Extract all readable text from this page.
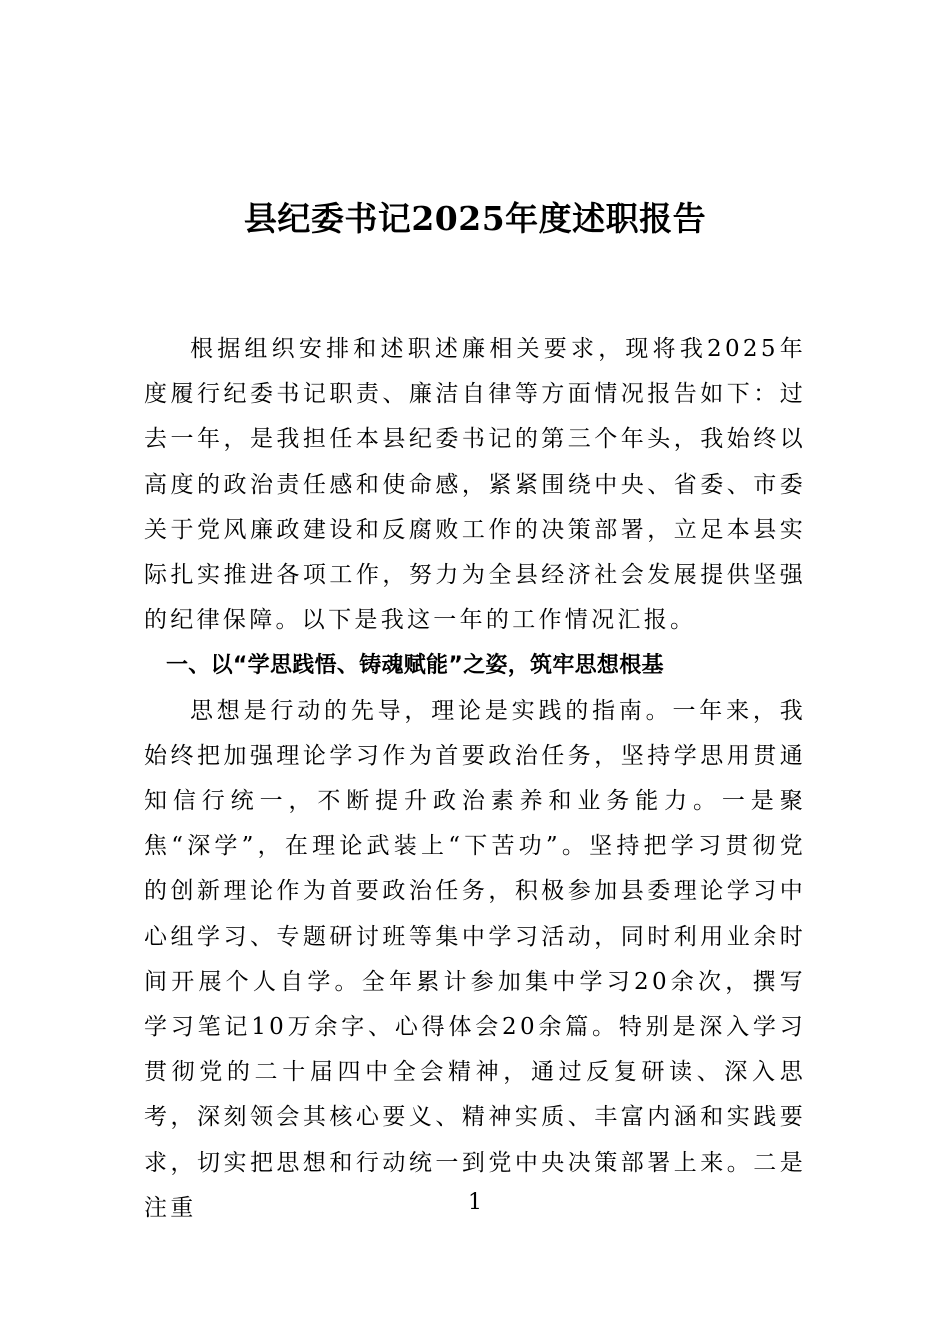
县纪委书记2025年度述职报告

根据组织安排和述职述廉相关要求，现将我2025年度履行纪委书记职责、廉洁自律等方面情况报告如下：过去一年，是我担任本县纪委书记的第三个年头，我始终以高度的政治责任感和使命感，紧紧围绕中央、省委、市委关于党风廉政建设和反腐败工作的决策部署，立足本县实际扎实推进各项工作，努力为全县经济社会发展提供坚强的纪律保障。以下是我这一年的工作情况汇报。

一、以“学思践悟、铸魂赋能”之姿，筑牢思想根基

思想是行动的先导，理论是实践的指南。一年来，我始终把加强理论学习作为首要政治任务，坚持学思用贯通知信行统一，不断提升政治素养和业务能力。一是聚焦“深学”，在理论武装上“下苦功”。坚持把学习贯彻党的创新理论作为首要政治任务，积极参加县委理论学习中心组学习、专题研讨班等集中学习活动，同时利用业余时间开展个人自学。全年累计参加集中学习20余次，撰写学习笔记10万余字、心得体会20余篇。特别是深入学习贯彻党的二十届四中全会精神，通过反复研读、深入思考，深刻领会其核心要义、精神实质、丰富内涵和实践要求，切实把思想和行动统一到党中央决策部署上来。二是注重	1
